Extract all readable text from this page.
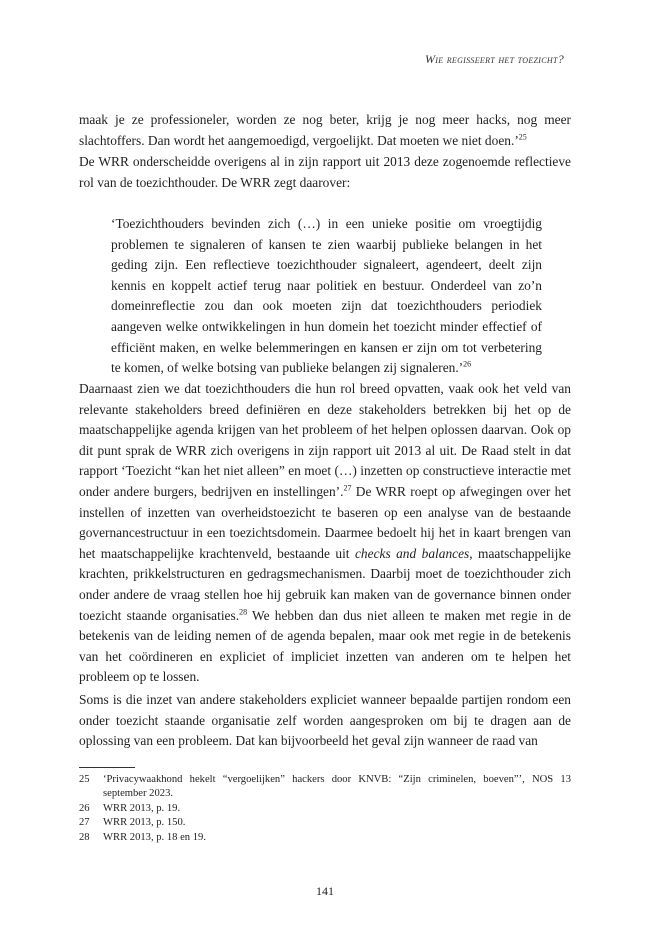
Wie regisseert het toezicht?

maak je ze professioneler, worden ze nog beter, krijg je nog meer hacks, nog meer slachtoffers. Dan wordt het aangemoedigd, vergoelijkt. Dat moeten we niet doen.’$^{25}$

De WRR onderscheidde overigens al in zijn rapport uit 2013 deze zogenoemde reflectieve rol van de toezichthouder. De WRR zegt daarover:

‘Toezichthouders bevinden zich (…) in een unieke positie om vroegtijdig problemen te signaleren of kansen te zien waarbij publieke belangen in het geding zijn. Een reflectieve toezichthouder signaleert, agendeert, deelt zijn kennis en koppelt actief terug naar politiek en bestuur. Onderdeel van zo’n domeinreflectie zou dan ook moeten zijn dat toezichthouders periodiek aangeven welke ontwikkelingen in hun domein het toezicht minder effectief of efficiënt maken, en welke belemmeringen en kansen er zijn om tot verbetering te komen, of welke botsing van publieke belangen zij signaleren.’$^{26}$

Daarnaast zien we dat toezichthouders die hun rol breed opvatten, vaak ook het veld van relevante stakeholders breed definiëren en deze stakeholders betrekken bij het op de maatschappelijke agenda krijgen van het probleem of het helpen oplossen daarvan. Ook op dit punt sprak de WRR zich overigens in zijn rapport uit 2013 al uit. De Raad stelt in dat rapport ‘Toezicht “kan het niet alleen” en moet (…) inzetten op constructieve interactie met onder andere burgers, bedrijven en instellingen’.$^{27}$ De WRR roept op afwegingen over het instellen of inzetten van overheidstoezicht te baseren op een analyse van de bestaande governancestructuur in een toezichtsdomein. Daarmee bedoelt hij het in kaart brengen van het maatschappelijke krachtenveld, bestaande uit checks and balances, maatschappelijke krachten, prikkelstructuren en gedragsmechanismen. Daarbij moet de toezichthouder zich onder andere de vraag stellen hoe hij gebruik kan maken van de governance binnen onder toezicht staande organisaties.$^{28}$ We hebben dan dus niet alleen te maken met regie in de betekenis van de leiding nemen of de agenda bepalen, maar ook met regie in de betekenis van het coördineren en expliciet of impliciet inzetten van anderen om te helpen het probleem op te lossen.

Soms is die inzet van andere stakeholders expliciet wanneer bepaalde partijen rondom een onder toezicht staande organisatie zelf worden aangesproken om bij te dragen aan de oplossing van een probleem. Dat kan bijvoorbeeld het geval zijn wanneer de raad van

25	‘Privacywaakhond hekelt “vergoelijken” hackers door KNVB: “Zijn criminelen, boeven”’, NOS 13 september 2023.
26	WRR 2013, p. 19.
27	WRR 2013, p. 150.
28	WRR 2013, p. 18 en 19.
141
